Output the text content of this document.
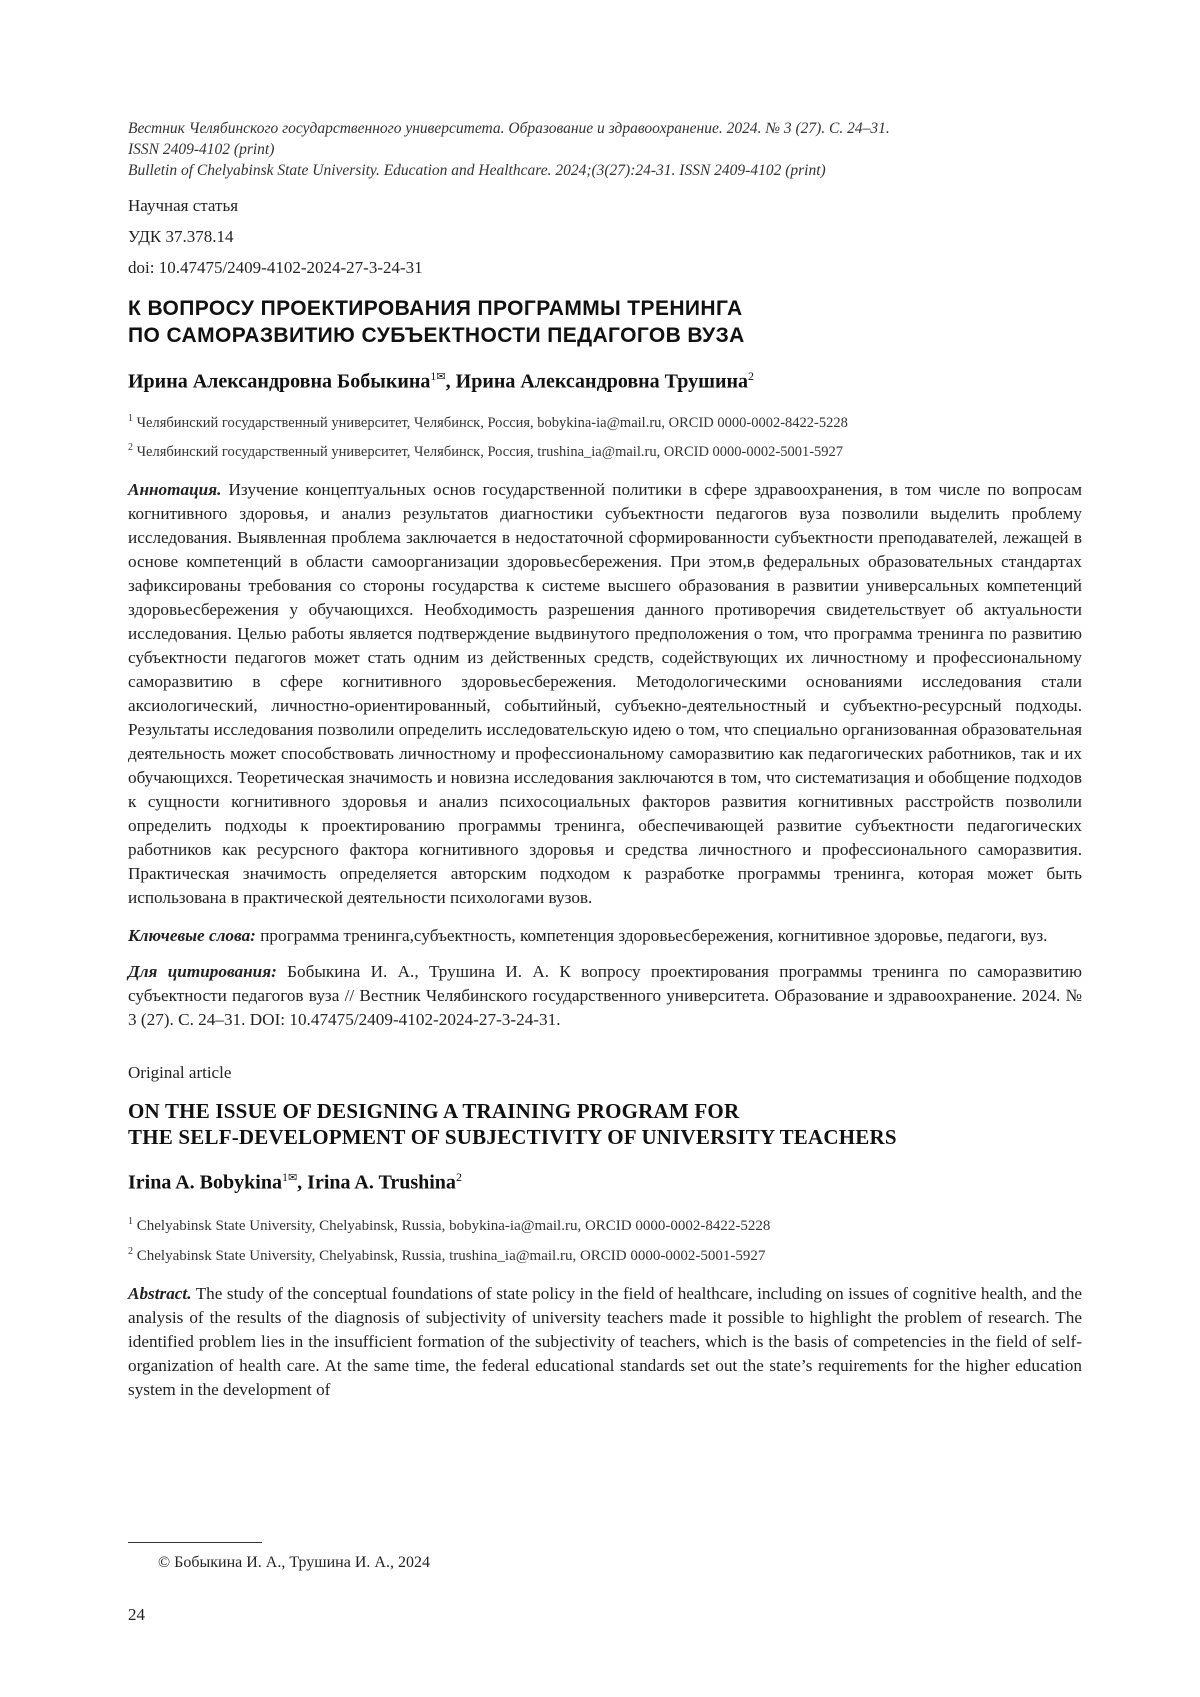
Вестник Челябинского государственного университета. Образование и здравоохранение. 2024. № 3 (27). С. 24–31.
ISSN 2409-4102 (print)
Bulletin of Chelyabinsk State University. Education and Healthcare. 2024;(3(27):24-31. ISSN 2409-4102 (print)
Научная статья
УДК 37.378.14
doi: 10.47475/2409-4102-2024-27-3-24-31
К ВОПРОСУ ПРОЕКТИРОВАНИЯ ПРОГРАММЫ ТРЕНИНГА
ПО САМОРАЗВИТИЮ СУБЪЕКТНОСТИ ПЕДАГОГОВ ВУЗА
Ирина Александровна Бобыкина$^{1✉}$, Ирина Александровна Трушина$^2$
$^1$ Челябинский государственный университет, Челябинск, Россия, bobykina-ia@mail.ru, ORCID 0000-0002-8422-5228
$^2$ Челябинский государственный университет, Челябинск, Россия, trushina_ia@mail.ru, ORCID 0000-0002-5001-5927
Аннотация. Изучение концептуальных основ государственной политики в сфере здравоохранения, в том числе по вопросам когнитивного здоровья, и анализ результатов диагностики субъектности педагогов вуза позволили выделить проблему исследования. Выявленная проблема заключается в недостаточной сформированности субъектности преподавателей, лежащей в основе компетенций в области самоорганизации здоровьесбережения. При этом,в федеральных образовательных стандартах зафиксированы требования со стороны государства к системе высшего образования в развитии универсальных компетенций здоровьесбережения у обучающихся. Необходимость разрешения данного противоречия свидетельствует об актуальности исследования. Целью работы является подтверждение выдвинутого предположения о том, что программа тренинга по развитию субъектности педагогов может стать одним из действенных средств, содействующих их личностному и профессиональному саморазвитию в сфере когнитивного здоровьесбережения. Методологическими основаниями исследования стали аксиологический, личностно-ориентированный, событийный, субъекно-деятельностный и субъектно-ресурсный подходы. Результаты исследования позволили определить исследовательскую идею о том, что специально организованная образовательная деятельность может способствовать личностному и профессиональному саморазвитию как педагогических работников, так и их обучающихся. Теоретическая значимость и новизна исследования заключаются в том, что систематизация и обобщение подходов к сущности когнитивного здоровья и анализ психосоциальных факторов развития когнитивных расстройств позволили определить подходы к проектированию программы тренинга, обеспечивающей развитие субъектности педагогических работников как ресурсного фактора когнитивного здоровья и средства личностного и профессионального саморазвития. Практическая значимость определяется авторским подходом к разработке программы тренинга, которая может быть использована в практической деятельности психологами вузов.
Ключевые слова: программа тренинга,субъектность, компетенция здоровьесбережения, когнитивное здоровье, педагоги, вуз.
Для цитирования: Бобыкина И. А., Трушина И. А. К вопросу проектирования программы тренинга по саморазвитию субъектности педагогов вуза // Вестник Челябинского государственного университета. Образование и здравоохранение. 2024. № 3 (27). С. 24–31. DOI: 10.47475/2409-4102-2024-27-3-24-31.
Original article
ON THE ISSUE OF DESIGNING A TRAINING PROGRAM FOR
THE SELF-DEVELOPMENT OF SUBJECTIVITY OF UNIVERSITY TEACHERS
Irina A. Bobykina$^{1✉}$, Irina A. Trushina$^2$
$^1$ Chelyabinsk State University, Chelyabinsk, Russia, bobykina-ia@mail.ru, ORCID 0000-0002-8422-5228
$^2$ Chelyabinsk State University, Chelyabinsk, Russia, trushina_ia@mail.ru, ORCID 0000-0002-5001-5927
Abstract. The study of the conceptual foundations of state policy in the field of healthcare, including on issues of cognitive health, and the analysis of the results of the diagnosis of subjectivity of university teachers made it possible to highlight the problem of research. The identified problem lies in the insufficient formation of the subjectivity of teachers, which is the basis of competencies in the field of self-organization of health care. At the same time, the federal educational standards set out the state’s requirements for the higher education system in the development of
© Бобыкина И. А., Трушина И. А., 2024
24
